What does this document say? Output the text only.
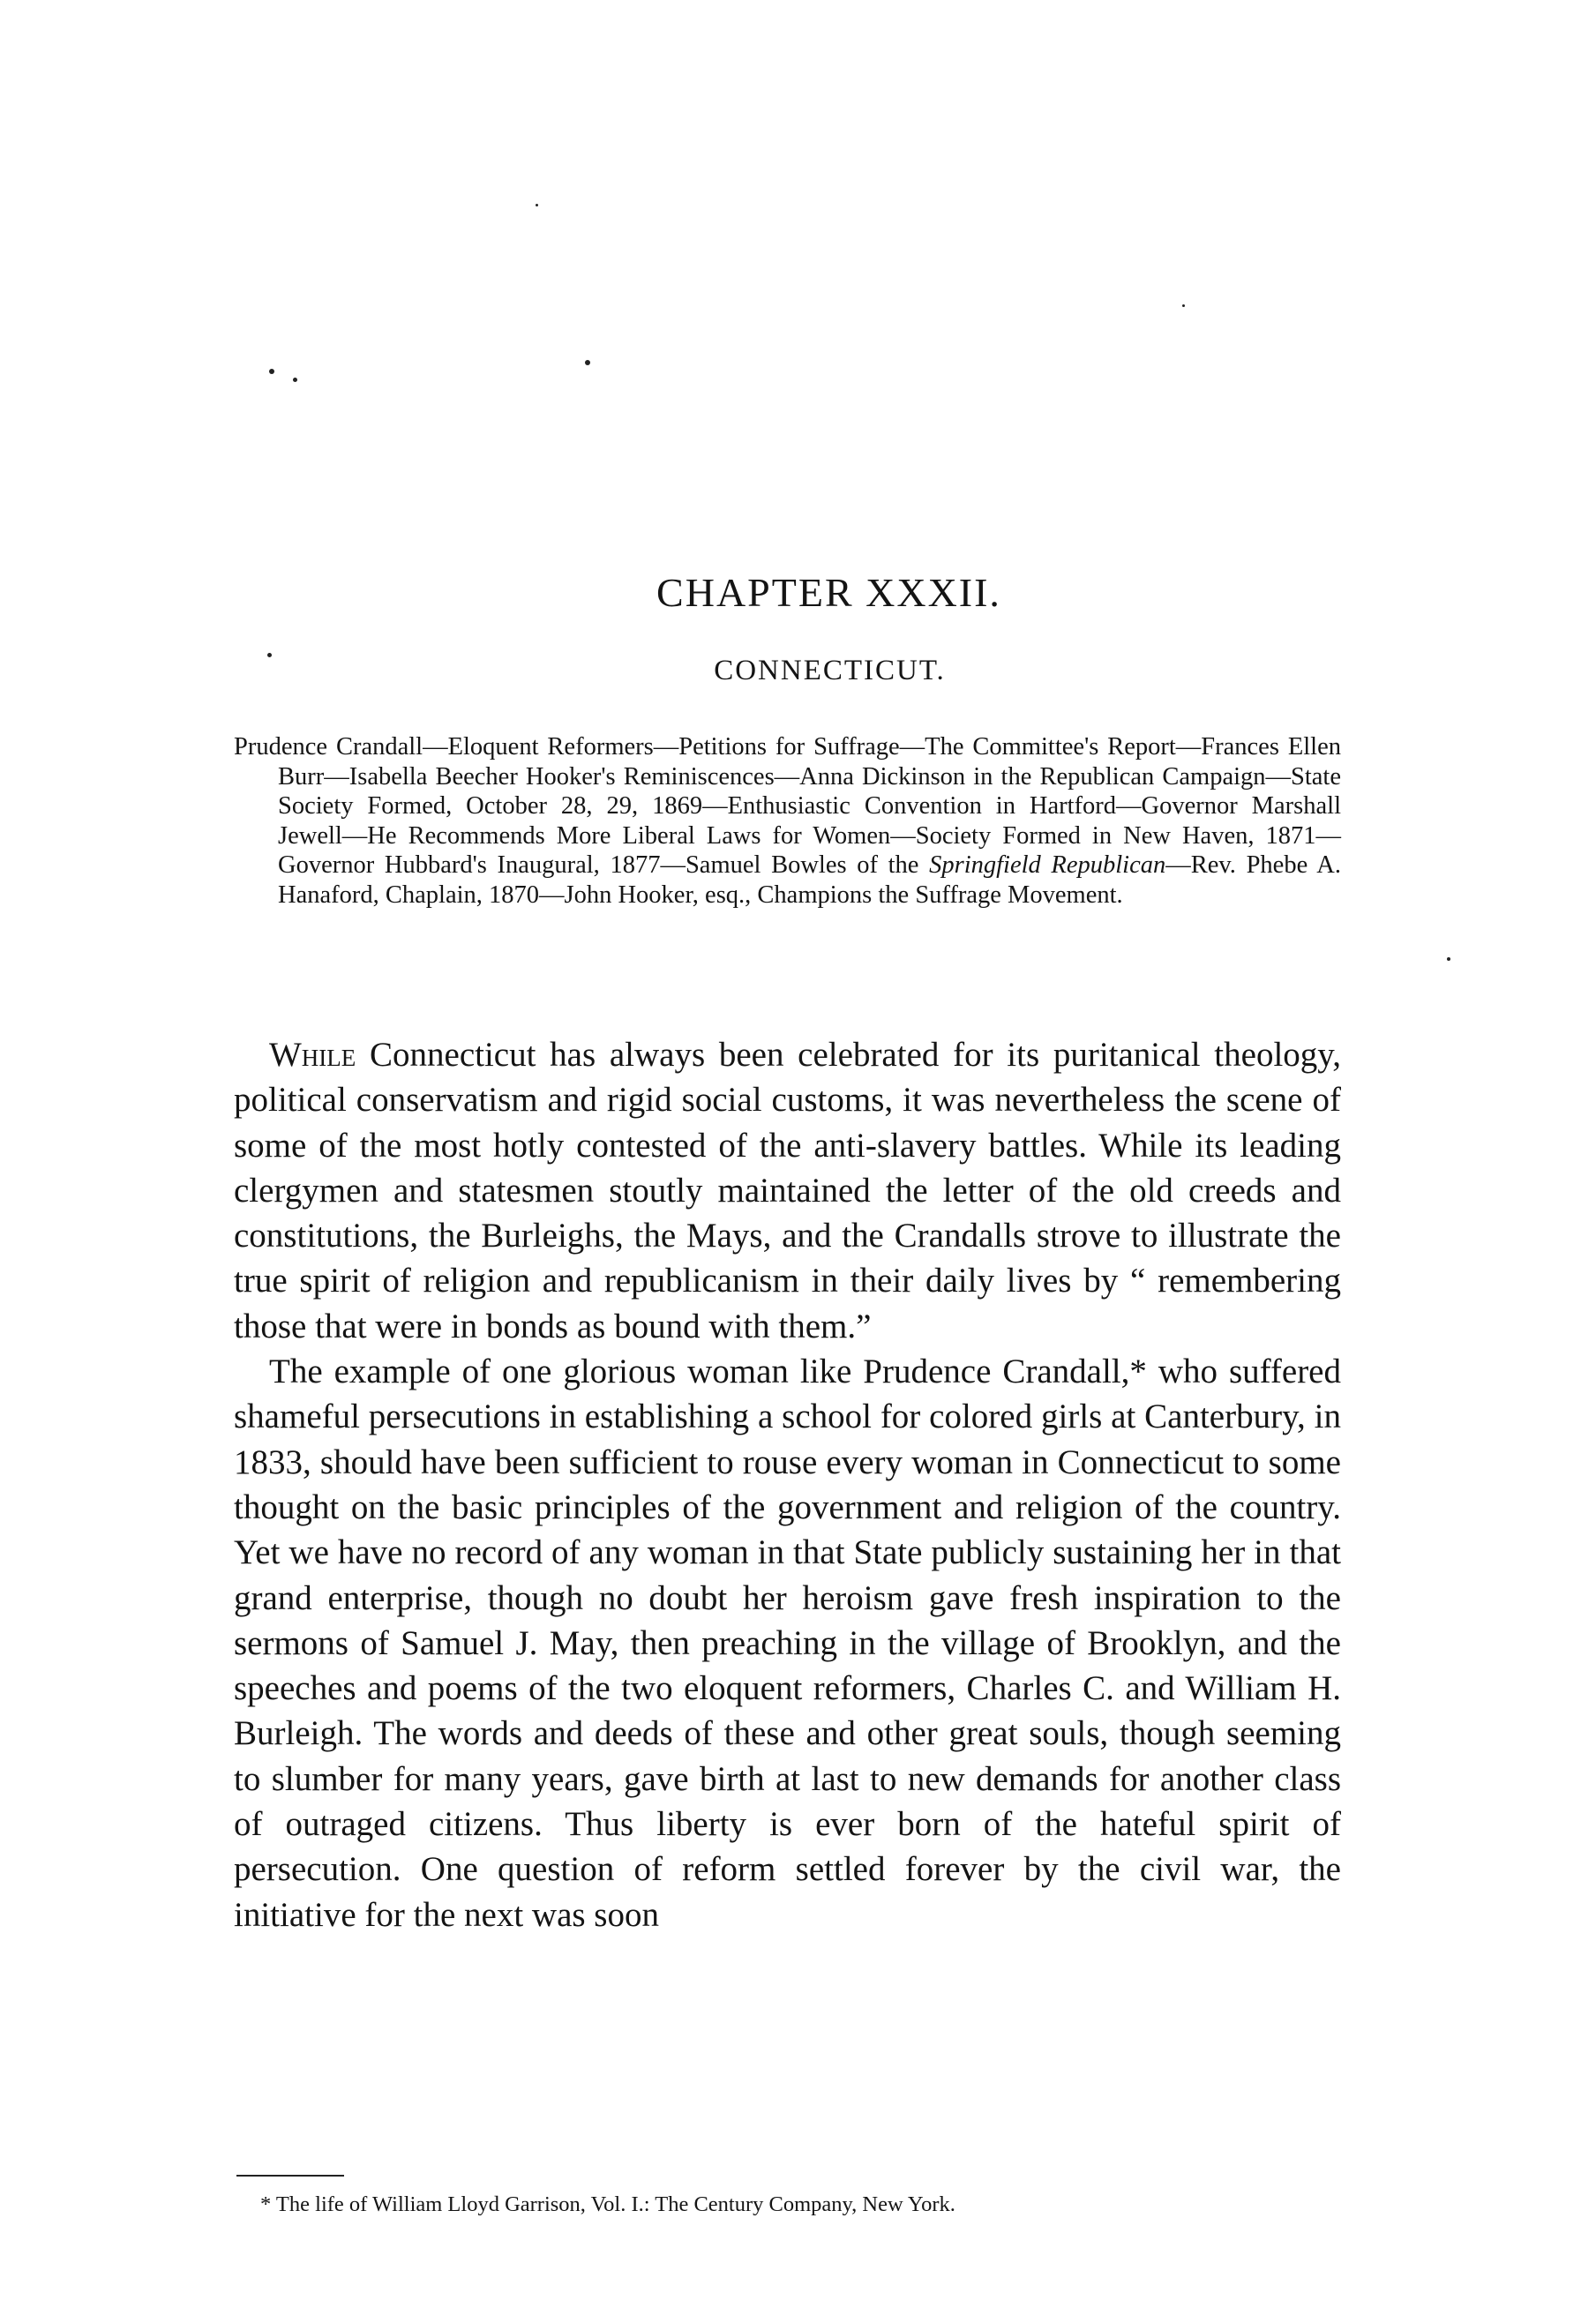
CHAPTER XXXII.
CONNECTICUT.
Prudence Crandall—Eloquent Reformers—Petitions for Suffrage—The Committee's Report—Frances Ellen Burr—Isabella Beecher Hooker's Reminiscences—Anna Dickinson in the Republican Campaign—State Society Formed, October 28, 29, 1869—Enthusiastic Convention in Hartford—Governor Marshall Jewell—He Recommends More Liberal Laws for Women—Society Formed in New Haven, 1871—Governor Hubbard's Inaugural, 1877—Samuel Bowles of the Springfield Republican—Rev. Phebe A. Hanaford, Chaplain, 1870—John Hooker, esq., Champions the Suffrage Movement.

While Connecticut has always been celebrated for its puritanical theology, political conservatism and rigid social customs, it was nevertheless the scene of some of the most hotly contested of the anti-slavery battles. While its leading clergymen and statesmen stoutly maintained the letter of the old creeds and constitutions, the Burleighs, the Mays, and the Crandalls strove to illustrate the true spirit of religion and republicanism in their daily lives by “ remembering those that were in bonds as bound with them.”

The example of one glorious woman like Prudence Crandall,* who suffered shameful persecutions in establishing a school for colored girls at Canterbury, in 1833, should have been sufficient to rouse every woman in Connecticut to some thought on the basic principles of the government and religion of the country. Yet we have no record of any woman in that State publicly sustaining her in that grand enterprise, though no doubt her heroism gave fresh inspiration to the sermons of Samuel J. May, then preaching in the village of Brooklyn, and the speeches and poems of the two eloquent reformers, Charles C. and William H. Burleigh. The words and deeds of these and other great souls, though seeming to slumber for many years, gave birth at last to new demands for another class of outraged citizens. Thus liberty is ever born of the hateful spirit of persecution. One question of reform settled forever by the civil war, the initiative for the next was soon

* The life of William Lloyd Garrison, Vol. I.: The Century Company, New York.
